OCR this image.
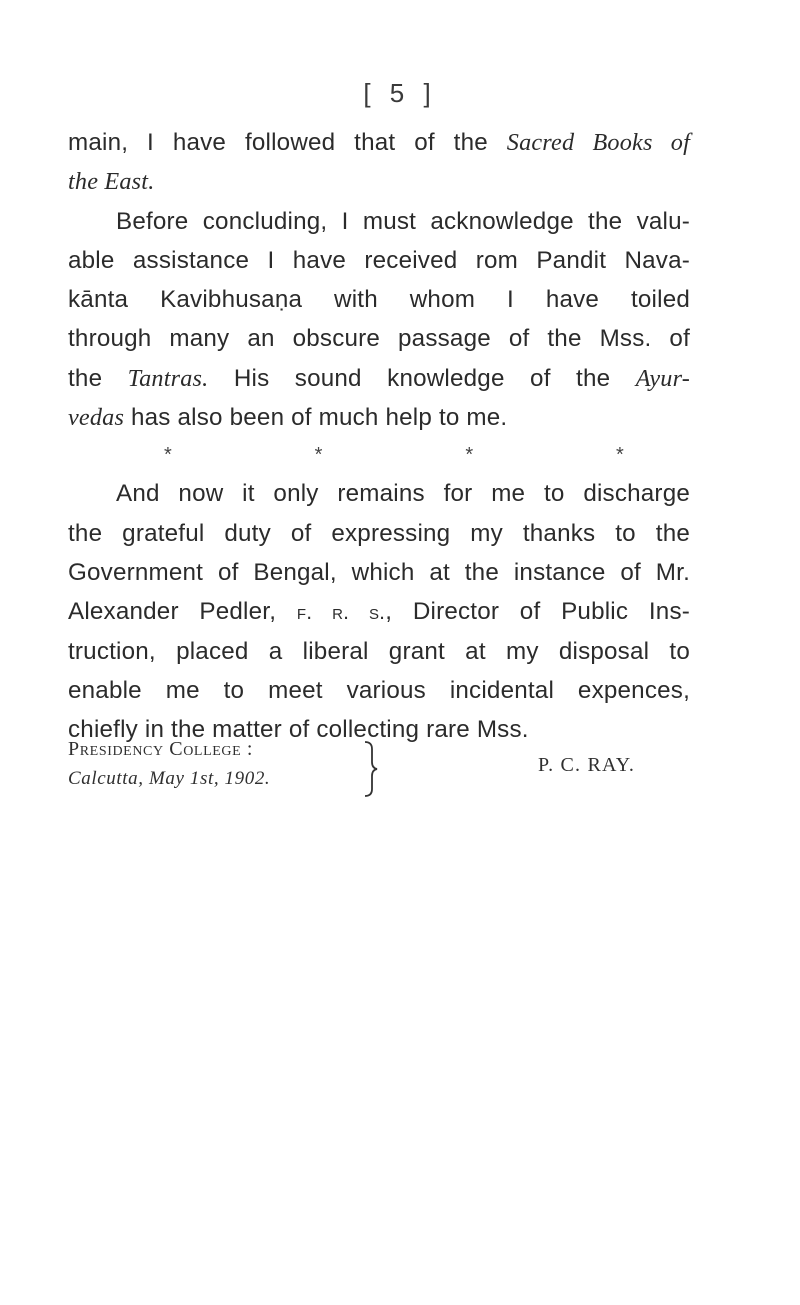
[ 5 ]
main, I have followed that of the Sacred Books of
the East.
Before concluding, I must acknowledge the valu-
able assistance I have received rom Pandit Nava-
kānta Kavibhusaṇa with whom I have toiled
through many an obscure passage of the Mss. of
the Tantras. His sound knowledge of the Ayur-
vedas has also been of much help to me.
*	*	*	*
And now it only remains for me to discharge
the grateful duty of expressing my thanks to the
Government of Bengal, which at the instance of Mr.
Alexander Pedler, f. r. s., Director of Public Ins-
truction, placed a liberal grant at my disposal to
enable me to meet various incidental expences,
chiefly in the matter of collecting rare Mss.
Presidency College :
Calcutta, May 1st, 1902.
P. C. RAY.
